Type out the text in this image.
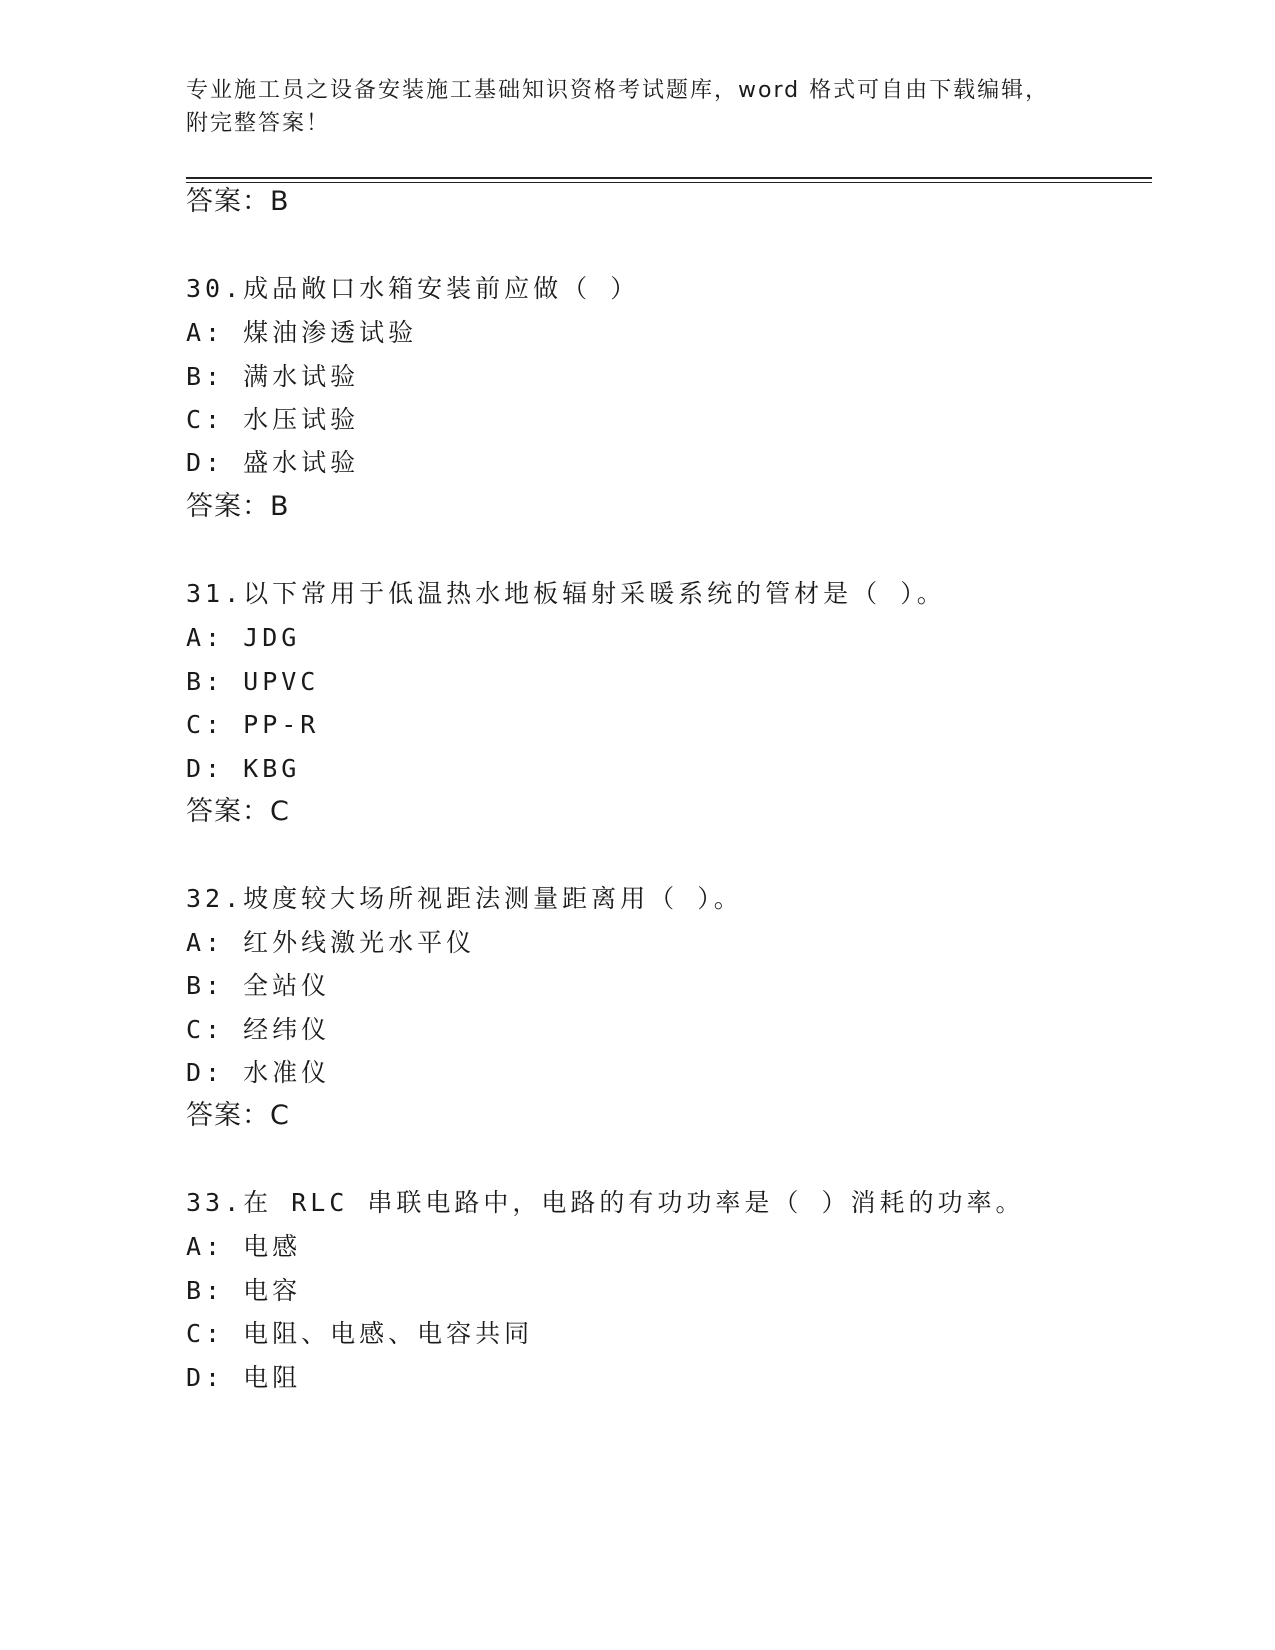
专业施工员之设备安装施工基础知识资格考试题库，word 格式可自由下载编辑，
附完整答案！
答案：B
30.成品敞口水箱安装前应做（ ）
A: 煤油渗透试验
B: 满水试验
C: 水压试验
D: 盛水试验
答案：B
31.以下常用于低温热水地板辐射采暖系统的管材是（ ）。
A: JDG
B: UPVC
C: PP-R
D: KBG
答案：C
32.坡度较大场所视距法测量距离用（ ）。
A: 红外线激光水平仪
B: 全站仪
C: 经纬仪
D: 水准仪
答案：C
33.在 RLC 串联电路中，电路的有功功率是（ ）消耗的功率。
A: 电感
B: 电容
C: 电阻、电感、电容共同
D: 电阻
